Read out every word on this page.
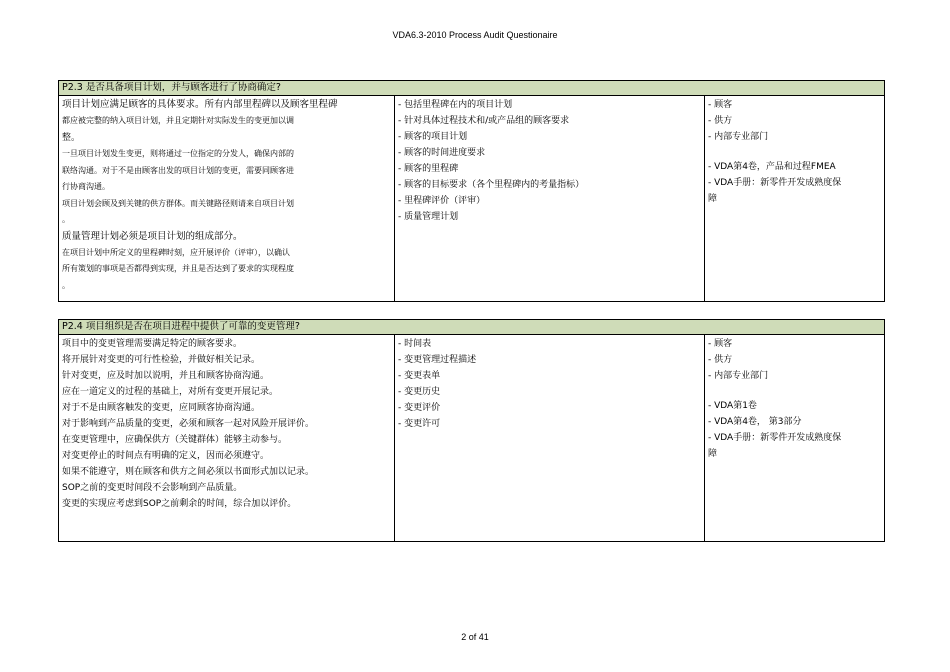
VDA6.3-2010 Process Audit Questionaire
P2.3 是否具备项目计划，并与顾客进行了协商确定?
项目计划应满足顾客的具体要求。所有内部里程碑以及顾客里程碑
都应被完整的纳入项目计划，并且定期针对实际发生的变更加以调
整。
一旦项目计划发生变更，则将通过一位指定的分发人，确保内部的
联络沟通。对于不是由顾客出发的项目计划的变更，需要同顾客进
行协商沟通。
项目计划会顾及到关键的供方群体。而关键路径则请来自项目计划
。
质量管理计划必须是项目计划的组成部分。
在项目计划中所定义的里程碑时刻，应开展评价（评审），以确认
所有策划的事项是否都得到实现，并且是否达到了要求的实现程度
。
- 包括里程碑在内的项目计划
- 针对具体过程技术和/或产品组的顾客要求
- 顾客的项目计划
- 顾客的时间进度要求
- 顾客的里程碑
- 顾客的目标要求（各个里程碑内的考量指标）
- 里程碑评价（评审）
- 质量管理计划
- 顾客
- 供方
- 内部专业部门
- VDA第4卷，产品和过程FMEA
- VDA手册：新零件开发成熟度保
障
P2.4 项目组织是否在项目进程中提供了可靠的变更管理?
项目中的变更管理需要满足特定的顾客要求。
将开展针对变更的可行性检验，并做好相关记录。
针对变更，应及时加以说明，并且和顾客协商沟通。
应在一道定义的过程的基础上，对所有变更开展记录。
对于不是由顾客触发的变更，应同顾客协商沟通。
对于影响到产品质量的变更，必须和顾客一起对风险开展评价。
在变更管理中，应确保供方（关键群体）能够主动参与。
对变更停止的时间点有明确的定义，因而必须遵守。
如果不能遵守，则在顾客和供方之间必须以书面形式加以记录。
SOP之前的变更时间段不会影响到产品质量。
变更的实现应考虑到SOP之前剩余的时间，综合加以评价。
- 时间表
- 变更管理过程描述
- 变更表单
- 变更历史
- 变更评价
- 变更许可
- 顾客
- 供方
- 内部专业部门
- VDA第1卷
- VDA第4卷， 第3部分
- VDA手册：新零件开发成熟度保
障
2 of 41
